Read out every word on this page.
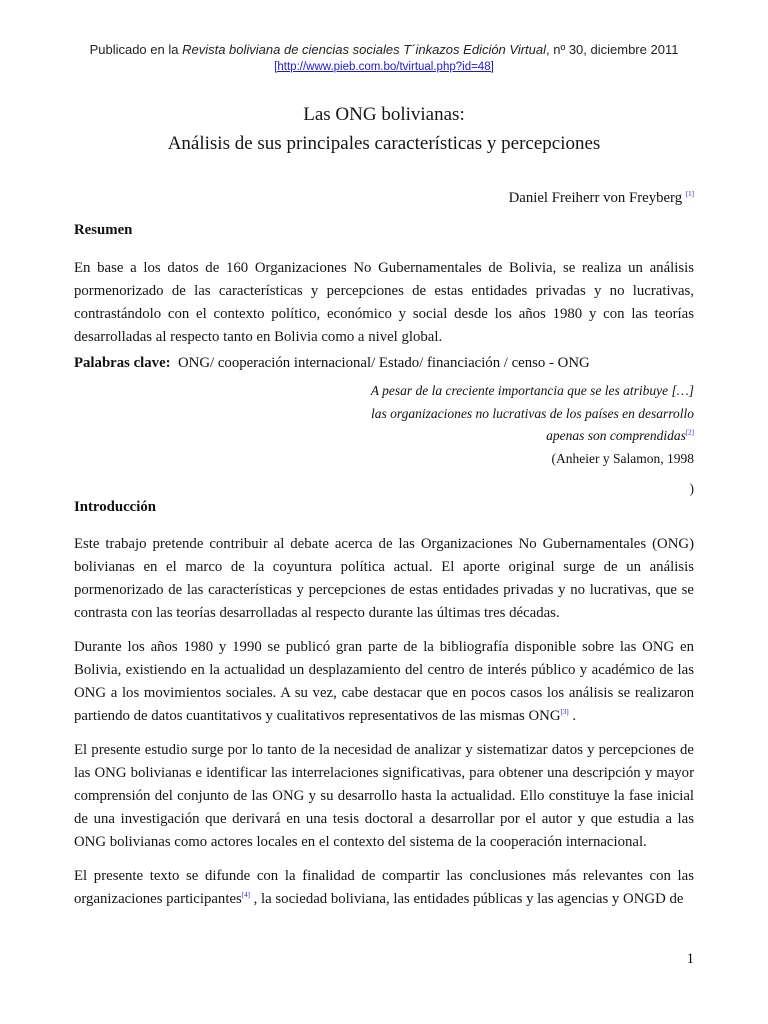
Publicado en la Revista boliviana de ciencias sociales T´inkazos Edición Virtual, nº 30, diciembre 2011
[http://www.pieb.com.bo/tvirtual.php?id=48]
Las ONG bolivianas:
Análisis de sus principales características y percepciones
Daniel Freiherr von Freyberg [1]
Resumen

En base a los datos de 160 Organizaciones No Gubernamentales de Bolivia, se realiza un análisis pormenorizado de las características y percepciones de estas entidades privadas y no lucrativas, contrastándolo con el contexto político, económico y social desde los años 1980 y con las teorías desarrolladas al respecto tanto en Bolivia como a nivel global.

Palabras clave: ONG/ cooperación internacional/ Estado/ financiación / censo - ONG
A pesar de la creciente importancia que se les atribuye […]
las organizaciones no lucrativas de los países en desarrollo
apenas son comprendidas[2]
(Anheier y Salamon, 1998
)
Introducción

Este trabajo pretende contribuir al debate acerca de las Organizaciones No Gubernamentales (ONG) bolivianas en el marco de la coyuntura política actual. El aporte original surge de un análisis pormenorizado de las características y percepciones de estas entidades privadas y no lucrativas, que se contrasta con las teorías desarrolladas al respecto durante las últimas tres décadas.

Durante los años 1980 y 1990 se publicó gran parte de la bibliografía disponible sobre las ONG en Bolivia, existiendo en la actualidad un desplazamiento del centro de interés público y académico de las ONG a los movimientos sociales. A su vez, cabe destacar que en pocos casos los análisis se realizaron partiendo de datos cuantitativos y cualitativos representativos de las mismas ONG[3] .

El presente estudio surge por lo tanto de la necesidad de analizar y sistematizar datos y percepciones de las ONG bolivianas e identificar las interrelaciones significativas, para obtener una descripción y mayor comprensión del conjunto de las ONG y su desarrollo hasta la actualidad. Ello constituye la fase inicial de una investigación que derivará en una tesis doctoral a desarrollar por el autor y que estudia a las ONG bolivianas como actores locales en el contexto del sistema de la cooperación internacional.

El presente texto se difunde con la finalidad de compartir las conclusiones más relevantes con las organizaciones participantes[4] , la sociedad boliviana, las entidades públicas y las agencias y ONGD de

1
